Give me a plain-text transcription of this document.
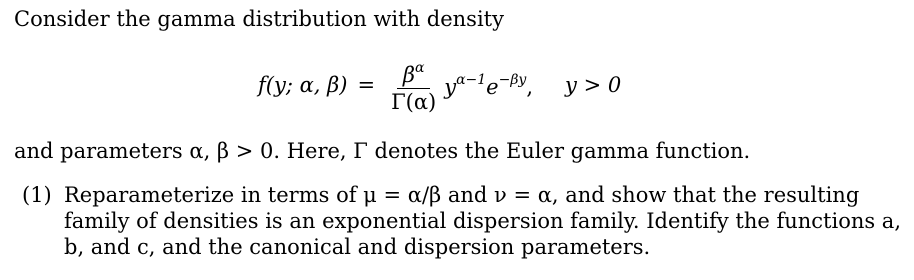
Consider the gamma distribution with density
f(y; α, $\beta) = \frac{\beta^\alpha}{\Gamma(\alpha)} y^{\alpha-1}e^{-\beta y}$, y > 0
and parameters α, β > 0. Here, Γ denotes the Euler gamma function.
(1) Reparameterize in terms of μ = α/β and ν = α, and show that the resulting
family of densities is an exponential dispersion family. Identify the functions a,
b, and c, and the canonical and dispersion parameters.
